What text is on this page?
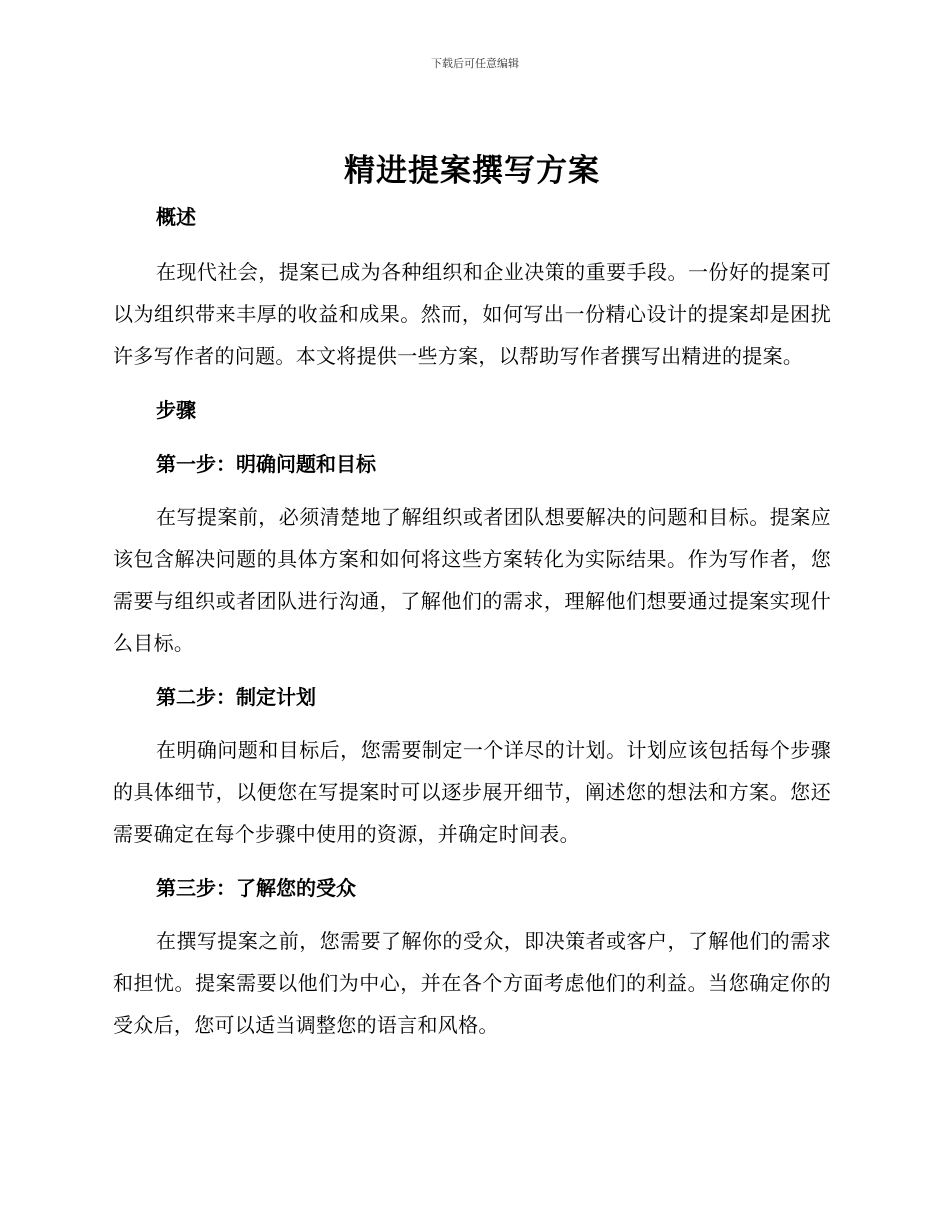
下载后可任意编辑
精进提案撰写方案
概述

在现代社会，提案已成为各种组织和企业决策的重要手段。一份好的提案可以为组织带来丰厚的收益和成果。然而，如何写出一份精心设计的提案却是困扰许多写作者的问题。本文将提供一些方案，以帮助写作者撰写出精进的提案。

步骤
第一步：明确问题和目标

在写提案前，必须清楚地了解组织或者团队想要解决的问题和目标。提案应该包含解决问题的具体方案和如何将这些方案转化为实际结果。作为写作者，您需要与组织或者团队进行沟通，了解他们的需求，理解他们想要通过提案实现什么目标。

第二步：制定计划

在明确问题和目标后，您需要制定一个详尽的计划。计划应该包括每个步骤的具体细节，以便您在写提案时可以逐步展开细节，阐述您的想法和方案。您还需要确定在每个步骤中使用的资源，并确定时间表。

第三步：了解您的受众

在撰写提案之前，您需要了解你的受众，即决策者或客户，了解他们的需求和担忧。提案需要以他们为中心，并在各个方面考虑他们的利益。当您确定你的受众后，您可以适当调整您的语言和风格。
